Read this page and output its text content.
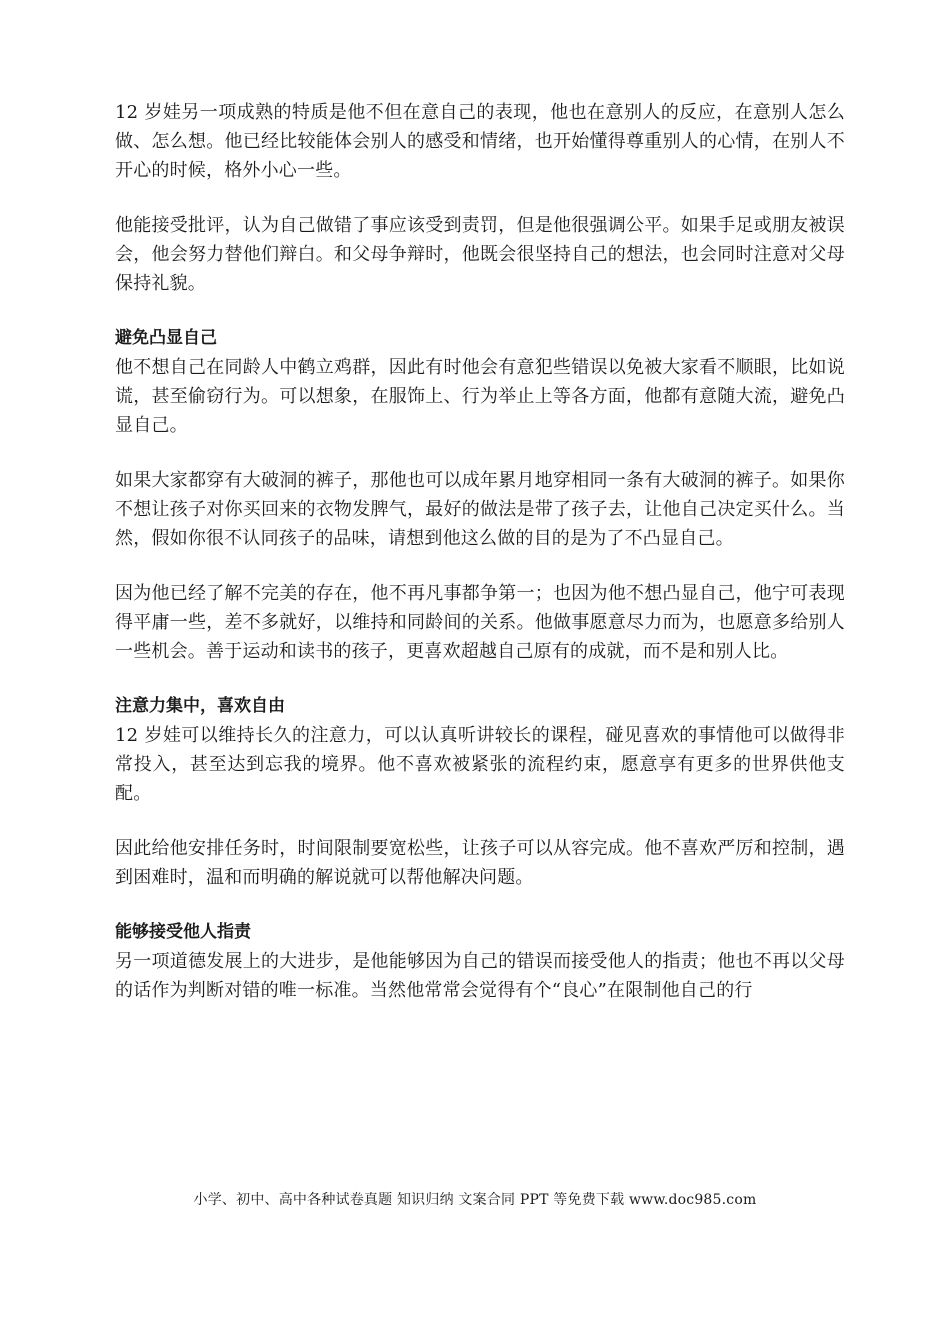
12 岁娃另一项成熟的特质是他不但在意自己的表现，他也在意别人的反应，在意别人怎么做、怎么想。他已经比较能体会别人的感受和情绪，也开始懂得尊重别人的心情，在别人不开心的时候，格外小心一些。

他能接受批评，认为自己做错了事应该受到责罚，但是他很强调公平。如果手足或朋友被误会，他会努力替他们辩白。和父母争辩时，他既会很坚持自己的想法，也会同时注意对父母保持礼貌。

避免凸显自己

他不想自己在同龄人中鹤立鸡群，因此有时他会有意犯些错误以免被大家看不顺眼，比如说谎，甚至偷窃行为。可以想象，在服饰上、行为举止上等各方面，他都有意随大流，避免凸显自己。

如果大家都穿有大破洞的裤子，那他也可以成年累月地穿相同一条有大破洞的裤子。如果你不想让孩子对你买回来的衣物发脾气，最好的做法是带了孩子去，让他自己决定买什么。当然，假如你很不认同孩子的品味，请想到他这么做的目的是为了不凸显自己。

因为他已经了解不完美的存在，他不再凡事都争第一；也因为他不想凸显自己，他宁可表现得平庸一些，差不多就好，以维持和同龄间的关系。他做事愿意尽力而为，也愿意多给别人一些机会。善于运动和读书的孩子，更喜欢超越自己原有的成就，而不是和别人比。

注意力集中，喜欢自由

12 岁娃可以维持长久的注意力，可以认真听讲较长的课程，碰见喜欢的事情他可以做得非常投入，甚至达到忘我的境界。他不喜欢被紧张的流程约束，愿意享有更多的世界供他支配。

因此给他安排任务时，时间限制要宽松些，让孩子可以从容完成。他不喜欢严厉和控制，遇到困难时，温和而明确的解说就可以帮他解决问题。

能够接受他人指责

另一项道德发展上的大进步，是他能够因为自己的错误而接受他人的指责；他也不再以父母的话作为判断对错的唯一标准。当然他常常会觉得有个“良心”在限制他自己的行

小学、初中、高中各种试卷真题 知识归纳 文案合同 PPT 等免费下载 www.doc985.com
